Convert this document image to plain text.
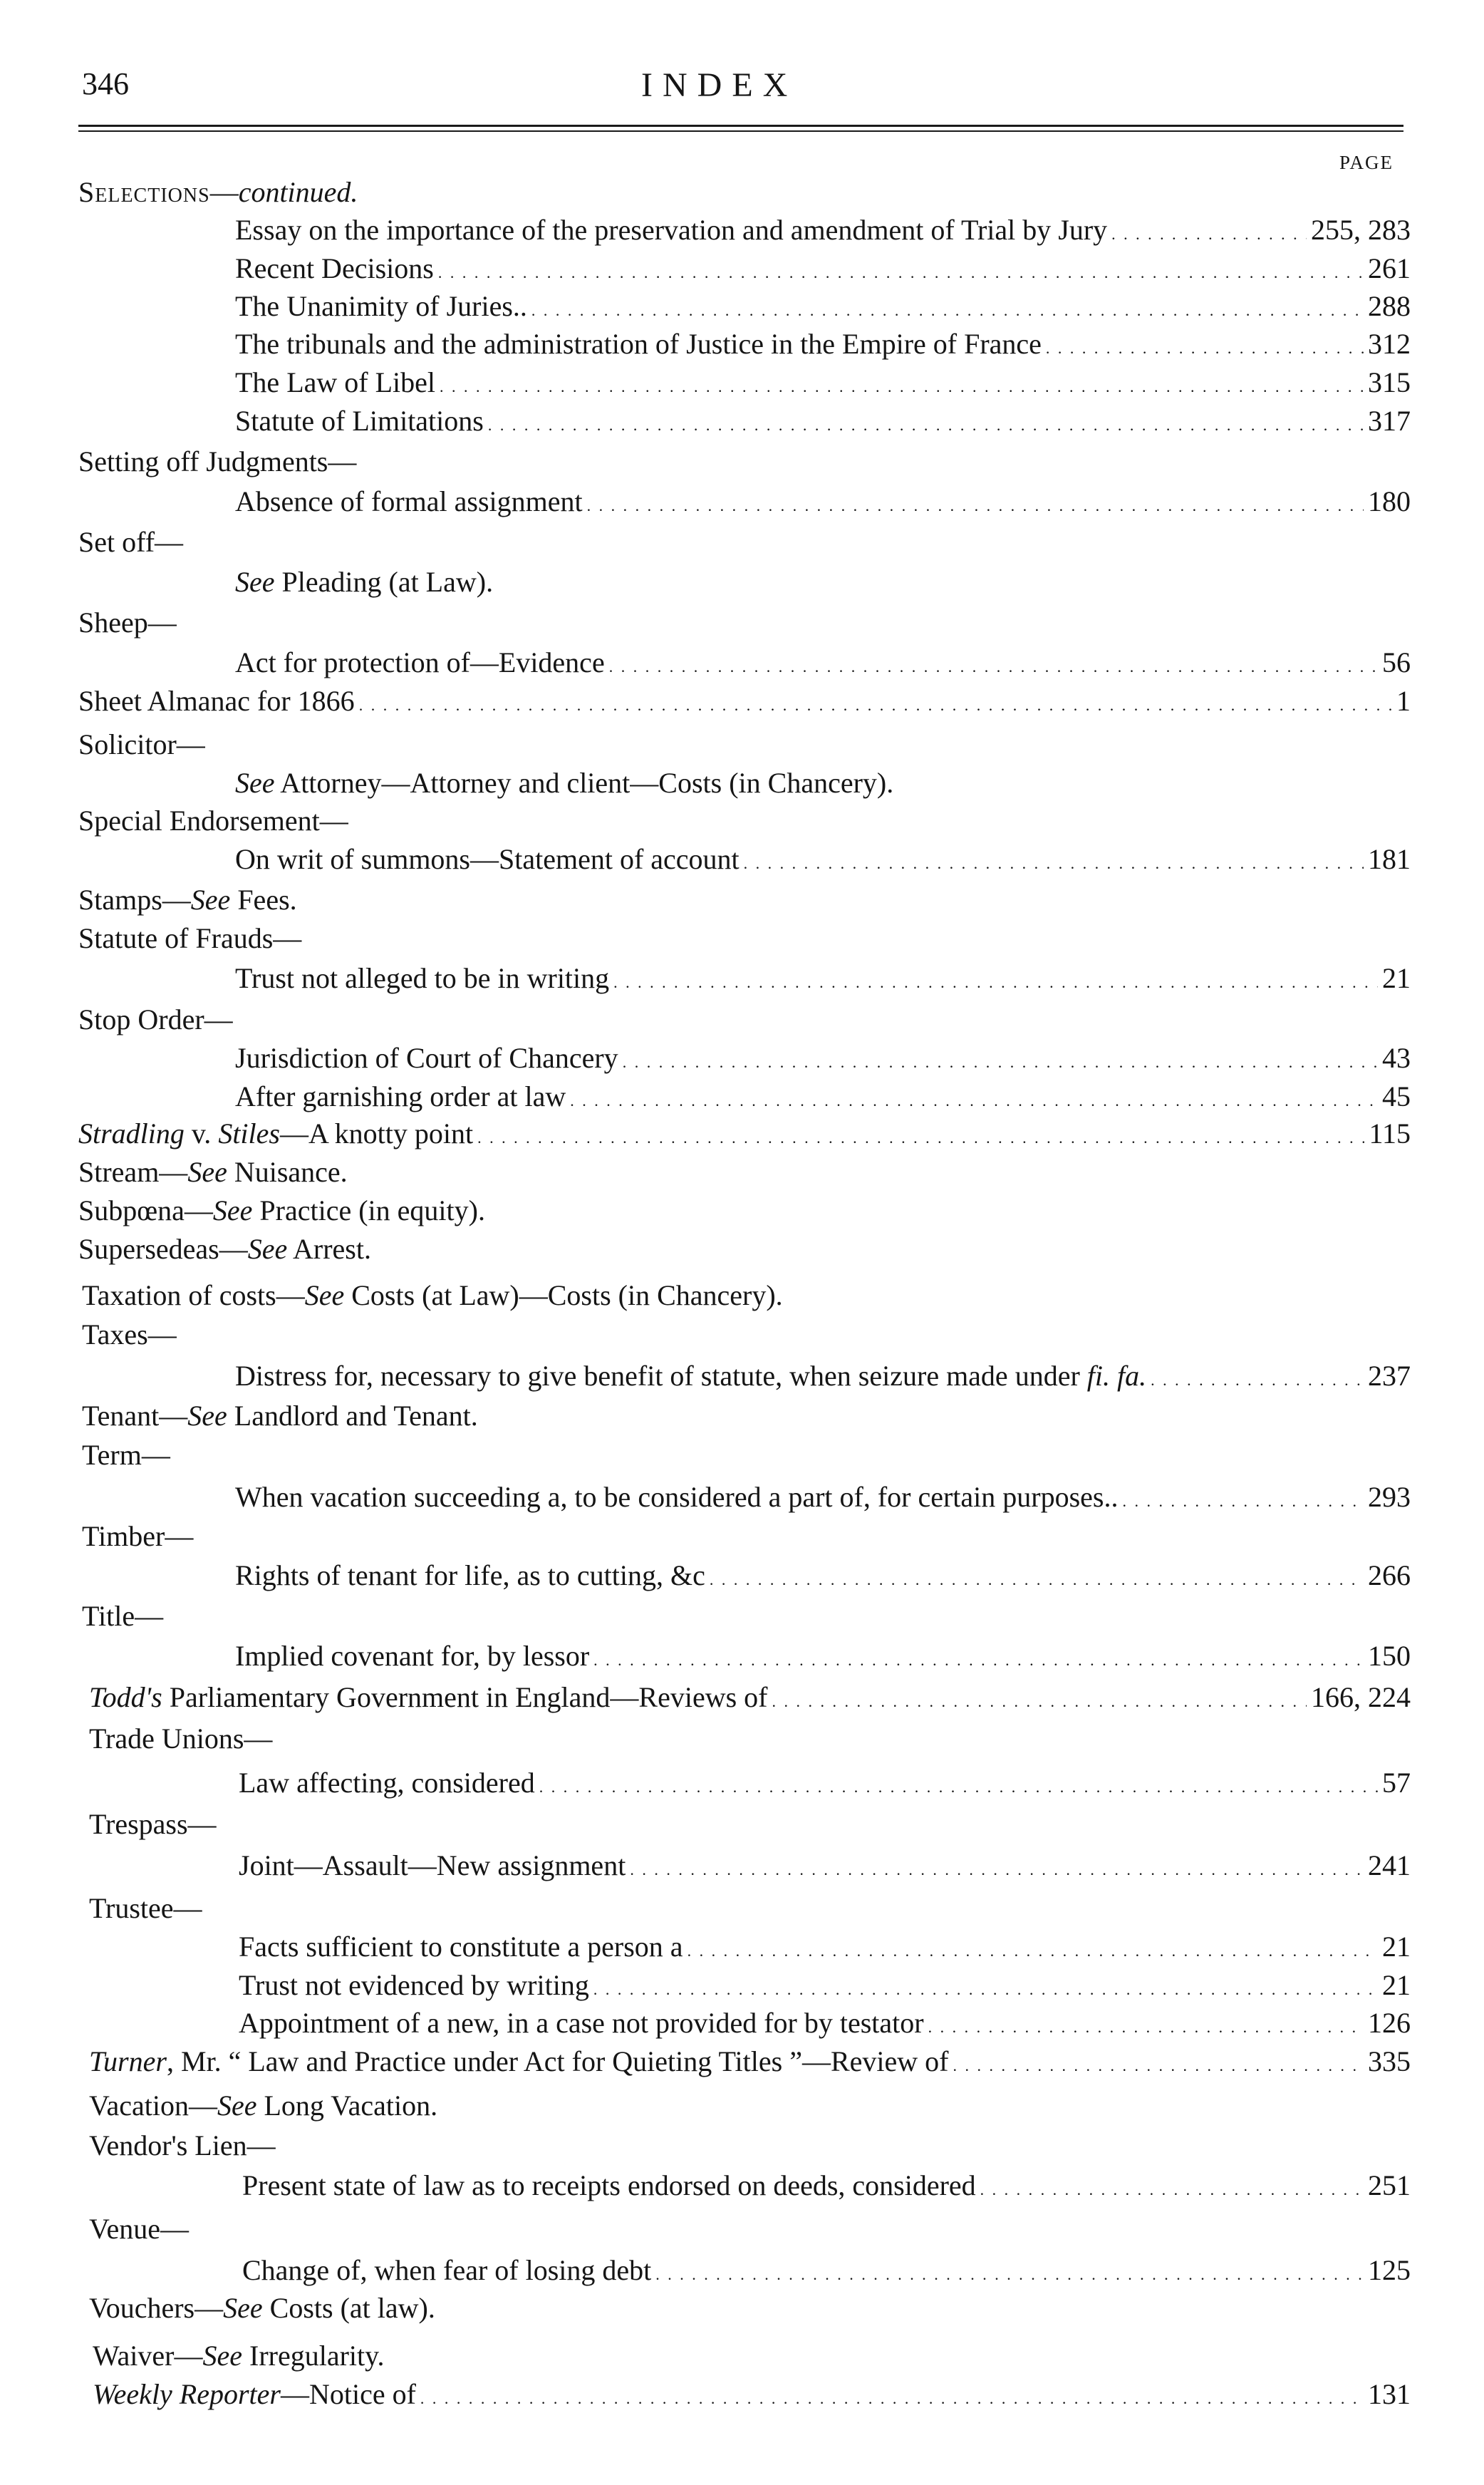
346	INDEX
PAGE
Selections—continued.
Essay on the importance of the preservation and amendment of Trial by Jury . . .	255, 283
Recent Decisions . . .	261
The Unanimity of Juries.. . . .	288
The tribunals and the administration of Justice in the Empire of France . . .	312
The Law of Libel . . .	315
Statute of Limitations . . .	317
Setting off Judgments—
Absence of formal assignment . . .	180
Set off—
See Pleading (at Law).
Sheep—
Act for protection of—Evidence . . .	56
Sheet Almanac for 1866 . . .	1
Solicitor—
See Attorney—Attorney and client—Costs (in Chancery).
Special Endorsement—
On writ of summons—Statement of account . . .	181
Stamps—See Fees.
Statute of Frauds—
Trust not alleged to be in writing . . .	21
Stop Order—
Jurisdiction of Court of Chancery . . .	43
After garnishing order at law . . .	45
Stradling v. Stiles—A knotty point . . .	115
Stream—See Nuisance.
Subpœna—See Practice (in equity).
Supersedeas—See Arrest.
Taxation of costs—See Costs (at Law)—Costs (in Chancery).
Taxes—
Distress for, necessary to give benefit of statute, when seizure made under fi. fa. . . .	237
Tenant—See Landlord and Tenant.
Term—
When vacation succeeding a, to be considered a part of, for certain purposes.. . . .	293
Timber—
Rights of tenant for life, as to cutting, &c . . .	266
Title—
Implied covenant for, by lessor . . .	150
Todd's Parliamentary Government in England—Reviews of . . .	166, 224
Trade Unions—
Law affecting, considered . . .	57
Trespass—
Joint—Assault—New assignment . . .	241
Trustee—
Facts sufficient to constitute a person a . . .	21
Trust not evidenced by writing . . .	21
Appointment of a new, in a case not provided for by testator . . .	126
Turner, Mr. “ Law and Practice under Act for Quieting Titles ”—Review of . . .	335
Vacation—See Long Vacation.
Vendor's Lien—
Present state of law as to receipts endorsed on deeds, considered . . .	251
Venue—
Change of, when fear of losing debt . . .	125
Vouchers—See Costs (at law).
Waiver—See Irregularity.
Weekly Reporter—Notice of . . .	131
